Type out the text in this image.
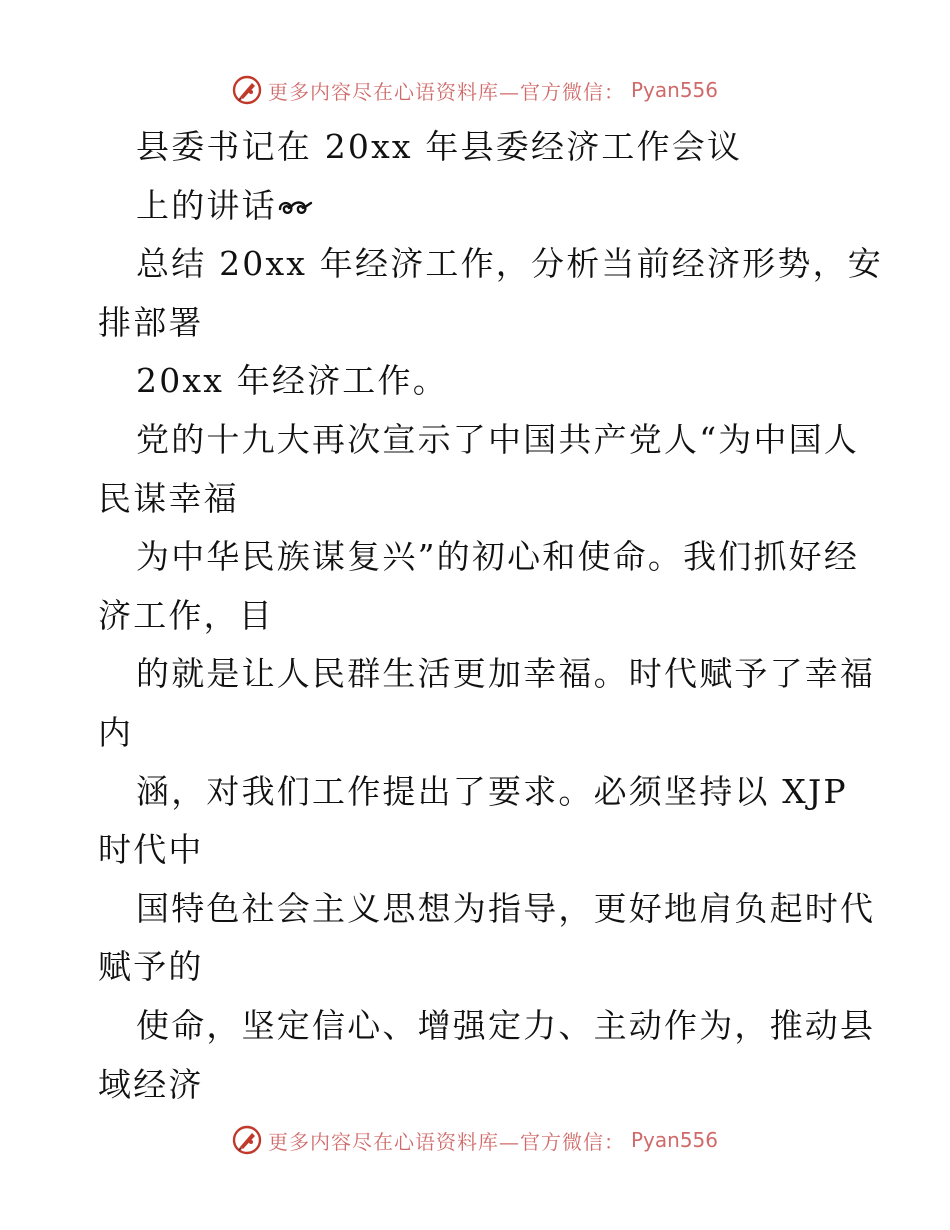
更多内容尽在心语资料库—官方微信： Pyan556
县委书记在 20xx 年县委经济工作会议
上的讲话
总结 20xx 年经济工作，分析当前经济形势，安
排部署
20xx 年经济工作。
党的十九大再次宣示了中国共产党人“为中国人
民谋幸福
为中华民族谋复兴”的初心和使命。我们抓好经
济工作，目
的就是让人民群生活更加幸福。时代赋予了幸福
内
涵，对我们工作提出了要求。必须坚持以 XJP
时代中
国特色社会主义思想为指导，更好地肩负起时代
赋予的
使命，坚定信心、增强定力、主动作为，推动县
域经济
更多内容尽在心语资料库—官方微信： Pyan556
